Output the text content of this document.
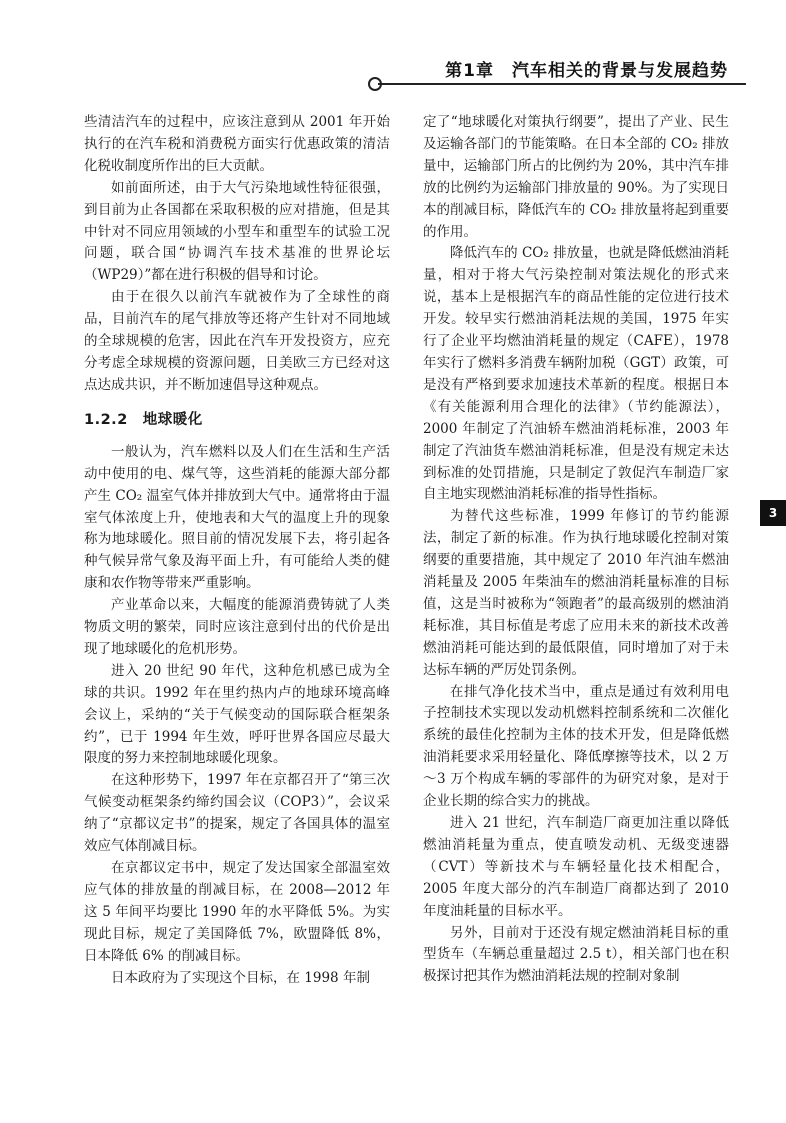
第1章　汽车相关的背景与发展趋势

些清洁汽车的过程中，应该注意到从 2001 年开始执行的在汽车税和消费税方面实行优惠政策的清洁化税收制度所作出的巨大贡献。

如前面所述，由于大气污染地域性特征很强，到目前为止各国都在采取积极的应对措施，但是其中针对不同应用领域的小型车和重型车的试验工况问题，联合国“协调汽车技术基准的世界论坛（WP29）”都在进行积极的倡导和讨论。

由于在很久以前汽车就被作为了全球性的商品，目前汽车的尾气排放等还将产生针对不同地域的全球规模的危害，因此在汽车开发投资方，应充分考虑全球规模的资源问题，日美欧三方已经对这点达成共识，并不断加速倡导这种观点。

1.2.2　地球暖化

一般认为，汽车燃料以及人们在生活和生产活动中使用的电、煤气等，这些消耗的能源大部分都产生 CO₂ 温室气体并排放到大气中。通常将由于温室气体浓度上升，使地表和大气的温度上升的现象称为地球暖化。照目前的情况发展下去，将引起各种气候异常气象及海平面上升，有可能给人类的健康和农作物等带来严重影响。

产业革命以来，大幅度的能源消费铸就了人类物质文明的繁荣，同时应该注意到付出的代价是出现了地球暖化的危机形势。

进入 20 世纪 90 年代，这种危机感已成为全球的共识。1992 年在里约热内卢的地球环境高峰会议上，采纳的“关于气候变动的国际联合框架条约”，已于 1994 年生效，呼吁世界各国应尽最大限度的努力来控制地球暖化现象。

在这种形势下，1997 年在京都召开了“第三次气候变动框架条约缔约国会议（COP3）”，会议采纳了“京都议定书”的提案，规定了各国具体的温室效应气体削减目标。

在京都议定书中，规定了发达国家全部温室效应气体的排放量的削减目标，在 2008—2012 年这 5 年间平均要比 1990 年的水平降低 5%。为实现此目标，规定了美国降低 7%，欧盟降低 8%，日本降低 6% 的削减目标。

日本政府为了实现这个目标，在 1998 年制

定了“地球暖化对策执行纲要”，提出了产业、民生及运输各部门的节能策略。在日本全部的 CO₂ 排放量中，运输部门所占的比例约为 20%，其中汽车排放的比例约为运输部门排放量的 90%。为了实现日本的削减目标，降低汽车的 CO₂ 排放量将起到重要的作用。

降低汽车的 CO₂ 排放量，也就是降低燃油消耗量，相对于将大气污染控制对策法规化的形式来说，基本上是根据汽车的商品性能的定位进行技术开发。较早实行燃油消耗法规的美国，1975 年实行了企业平均燃油消耗量的规定（CAFE），1978 年实行了燃料多消费车辆附加税（GGT）政策，可是没有严格到要求加速技术革新的程度。根据日本《有关能源利用合理化的法律》（节约能源法），2000 年制定了汽油轿车燃油消耗标准，2003 年制定了汽油货车燃油消耗标准，但是没有规定未达到标准的处罚措施，只是制定了敦促汽车制造厂家自主地实现燃油消耗标准的指导性指标。

为替代这些标准，1999 年修订的节约能源法，制定了新的标准。作为执行地球暖化控制对策纲要的重要措施，其中规定了 2010 年汽油车燃油消耗量及 2005 年柴油车的燃油消耗量标准的目标值，这是当时被称为“领跑者”的最高级别的燃油消耗标准，其目标值是考虑了应用未来的新技术改善燃油消耗可能达到的最低限值，同时增加了对于未达标车辆的严厉处罚条例。

在排气净化技术当中，重点是通过有效利用电子控制技术实现以发动机燃料控制系统和二次催化系统的最佳化控制为主体的技术开发，但是降低燃油消耗要求采用轻量化、降低摩擦等技术，以 2 万～3 万个构成车辆的零部件的为研究对象，是对于企业长期的综合实力的挑战。

进入 21 世纪，汽车制造厂商更加注重以降低燃油消耗量为重点，使直喷发动机、无级变速器（CVT）等新技术与车辆轻量化技术相配合，2005 年度大部分的汽车制造厂商都达到了 2010 年度油耗量的目标水平。

另外，目前对于还没有规定燃油消耗目标的重型货车（车辆总重量超过 2.5 t），相关部门也在积极探讨把其作为燃油消耗法规的控制对象制

3
